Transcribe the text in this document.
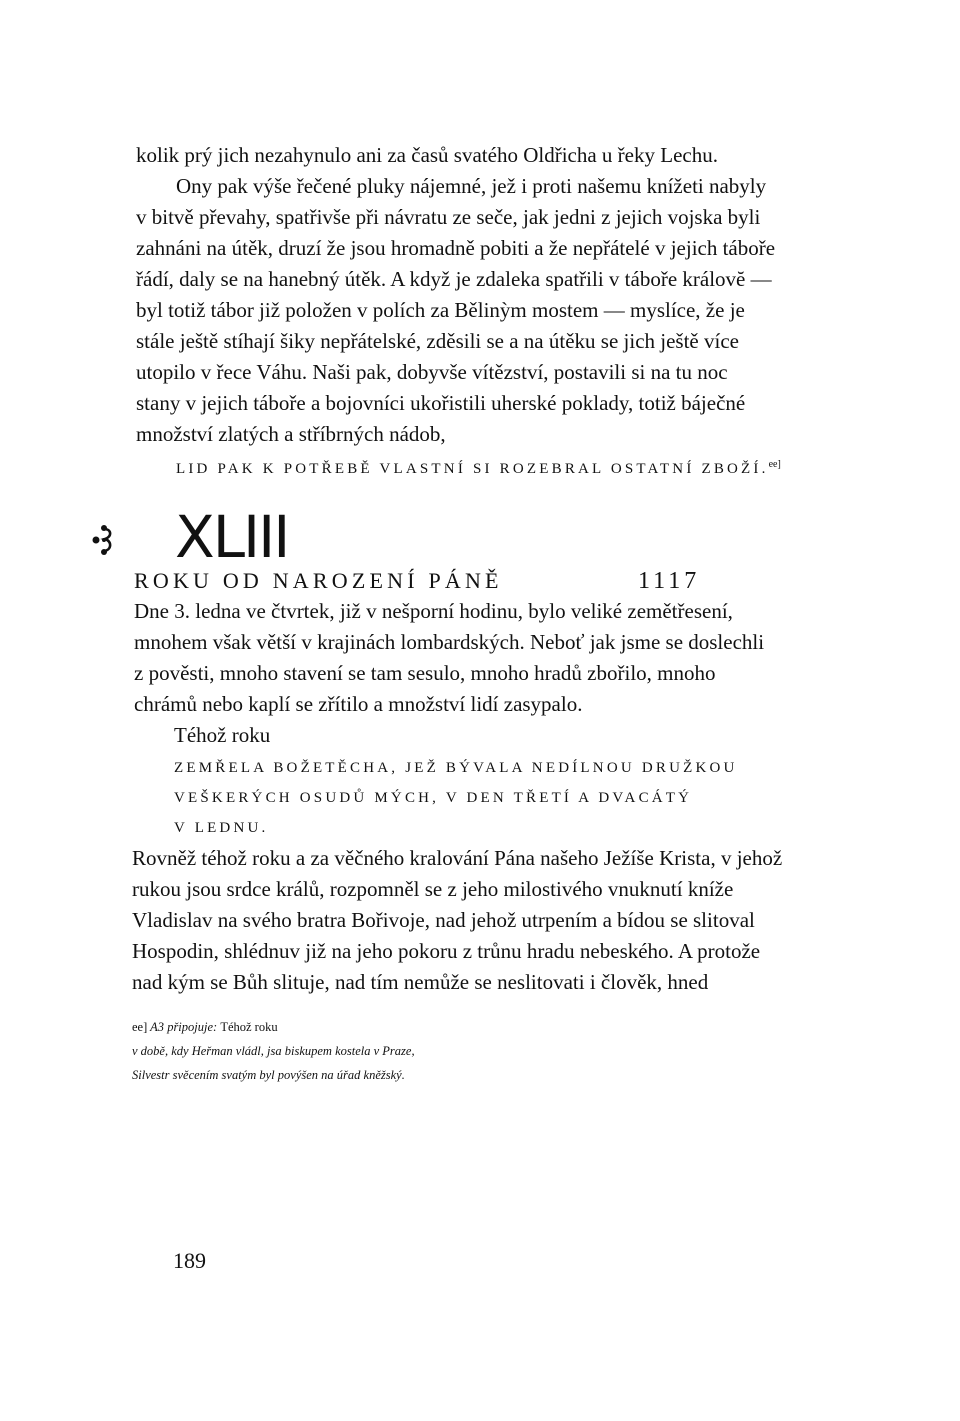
kolik prý jich nezahynulo ani za časů svatého Oldřicha u řeky Lechu.
Ony pak výše řečené pluky nájemné, jež i proti našemu knížeti nabyly
v bitvě převahy, spatřivše při návratu ze seče, jak jedni z jejich vojska byli
zahnáni na útěk, druzí že jsou hromadně pobiti a že nepřátelé v jejich táboře
řádí, daly se na hanebný útěk. A když je zdaleka spatřili v táboře královĕ —
byl totiž tábor již položen v polích za Bělinỳm mostem — myslíce, že je
stále ještě stíhají šiky nepřátelské, zděsili se a na útěku se jich ještě více
utopilo v řece Váhu. Naši pak, dobyvše vítězství, postavili si na tu noc
stany v jejich táboře a bojovníci ukořistili uherské poklady, totiž báječné
množství zlatých a stříbrných nádob,
LID PAK K POTŘEBĚ VLASTNÍ SI ROZEBRAL OSTATNÍ ZBOŽÍ.$^{ee]}$
XLIII
ROKU OD NAROZENÍ PÁNĚ	1117
Dne 3. ledna ve čtvrtek, již v nešporní hodinu, bylo veliké zemětřesení,
mnohem však větší v krajinách lombardských. Neboť jak jsme se doslechli
z pověsti, mnoho stavení se tam sesulo, mnoho hradů zbořilo, mnoho
chrámů nebo kaplí se zřítilo a množství lidí zasypalo.
Téhož roku
ZEMŘELA BOŽETĚCHA, JEŽ BÝVALA NEDÍLNOU DRUŽKOU
VEŠKERÝCH OSUDŮ MÝCH, V DEN TŘETÍ A DVACÁTÝ
V LEDNU.
Rovněž téhož roku a za věčného kralování Pána našeho Ježíše Krista, v jehož
rukou jsou srdce králů, rozpomněl se z jeho milostivého vnuknutí kníže
Vladislav na svého bratra Bořivoje, nad jehož utrpením a bídou se slitoval
Hospodin, shlédnuv již na jeho pokoru z trůnu hradu nebeského. A protože
nad kým se Bůh slituje, nad tím nemůže se neslitovati i člověk, hned
ee] A3 připojuje: Téhož roku
v době, kdy Heřman vládl, jsa biskupem kostela v Praze,
Silvestr svěcením svatým byl povýšen na úřad kněžský.
189
